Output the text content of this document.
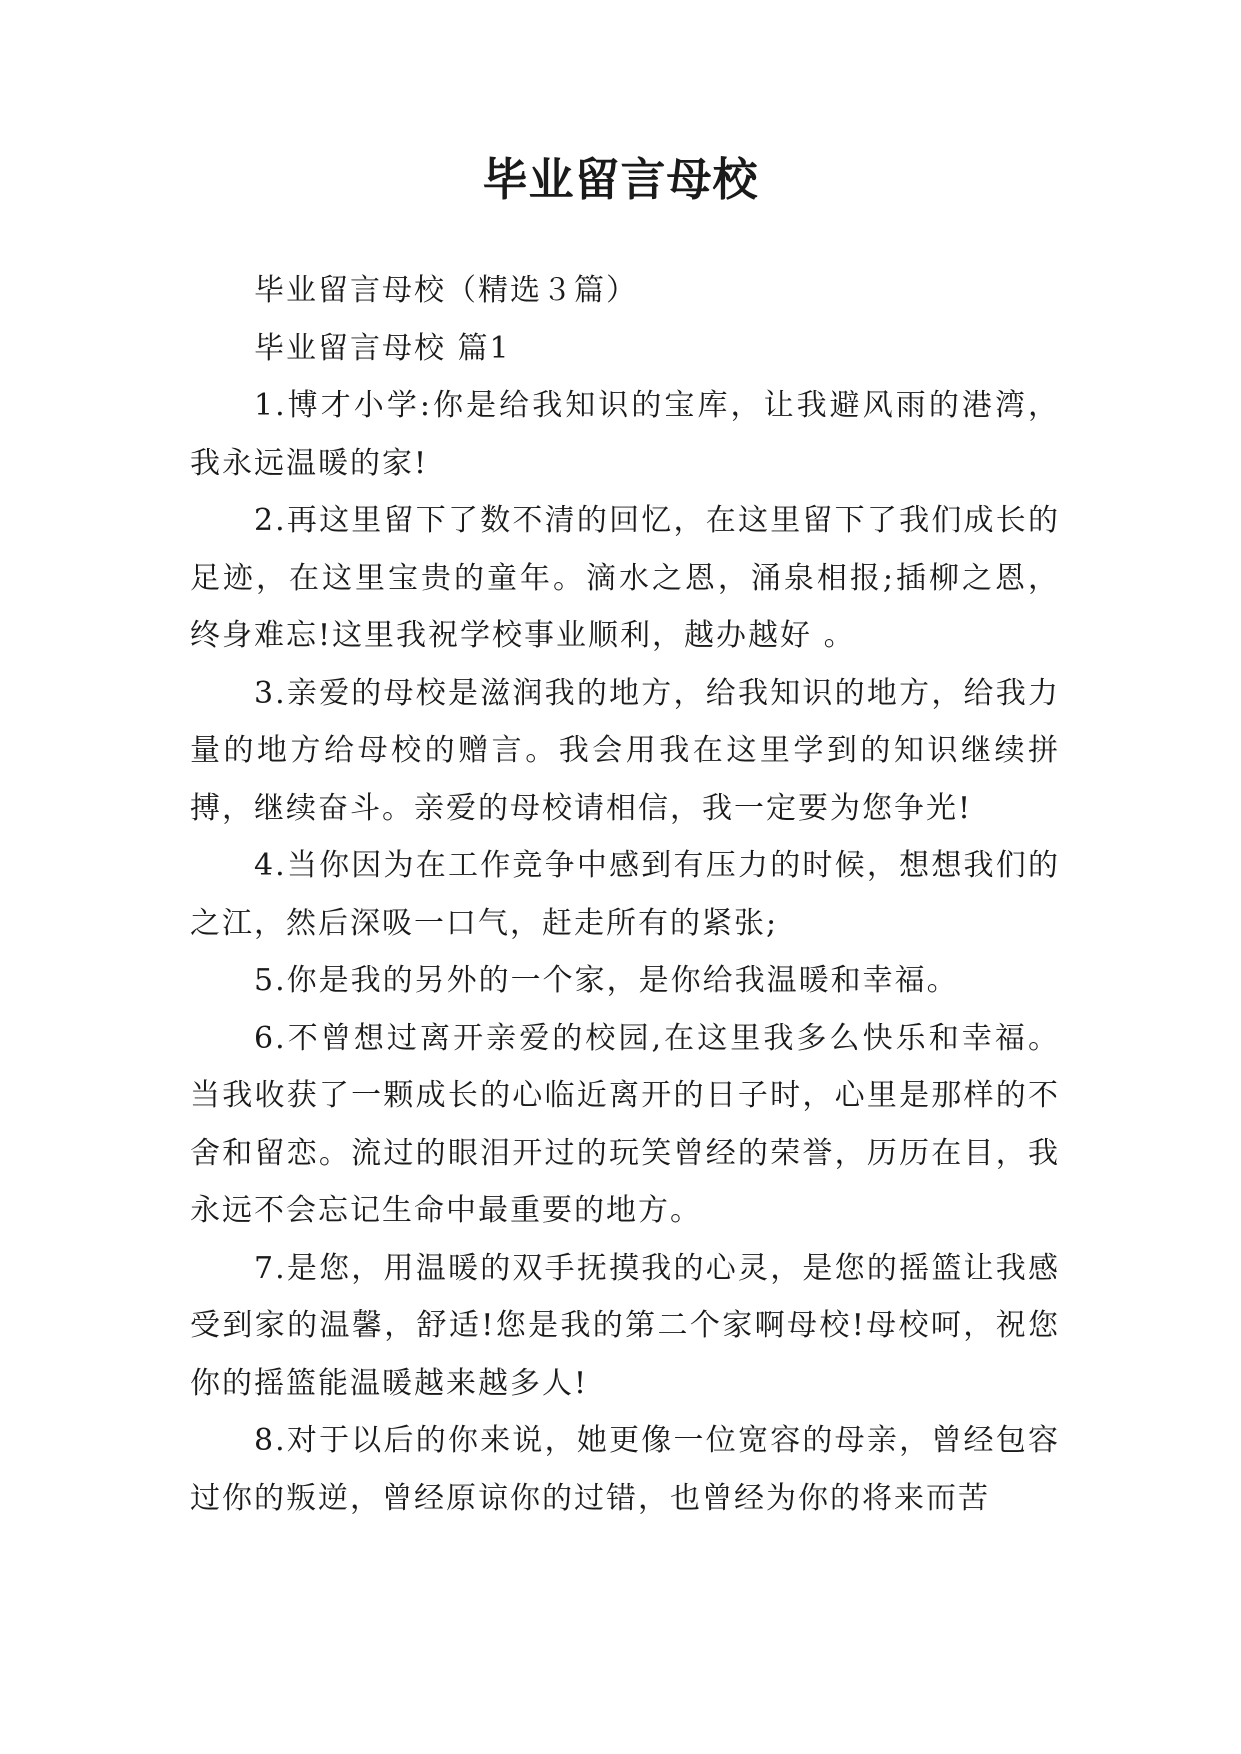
毕业留言母校

毕业留言母校（精选３篇）

毕业留言母校 篇1

1.博才小学:你是给我知识的宝库，让我避风雨的港湾，我永远温暖的家!

2.再这里留下了数不清的回忆，在这里留下了我们成长的足迹，在这里宝贵的童年。滴水之恩，涌泉相报;插柳之恩，终身难忘!这里我祝学校事业顺利，越办越好 。

3.亲爱的母校是滋润我的地方，给我知识的地方，给我力量的地方给母校的赠言。我会用我在这里学到的知识继续拼搏，继续奋斗。亲爱的母校请相信，我一定要为您争光!

4.当你因为在工作竞争中感到有压力的时候，想想我们的之江，然后深吸一口气，赶走所有的紧张;

5.你是我的另外的一个家，是你给我温暖和幸福。

6.不曾想过离开亲爱的校园,在这里我多么快乐和幸福。当我收获了一颗成长的心临近离开的日子时，心里是那样的不舍和留恋。流过的眼泪开过的玩笑曾经的荣誉，历历在目，我永远不会忘记生命中最重要的地方。

7.是您，用温暖的双手抚摸我的心灵，是您的摇篮让我感受到家的温馨，舒适!您是我的第二个家啊母校!母校呵，祝您你的摇篮能温暖越来越多人!

8.对于以后的你来说，她更像一位宽容的母亲，曾经包容过你的叛逆，曾经原谅你的过错，也曾经为你的将来而苦
